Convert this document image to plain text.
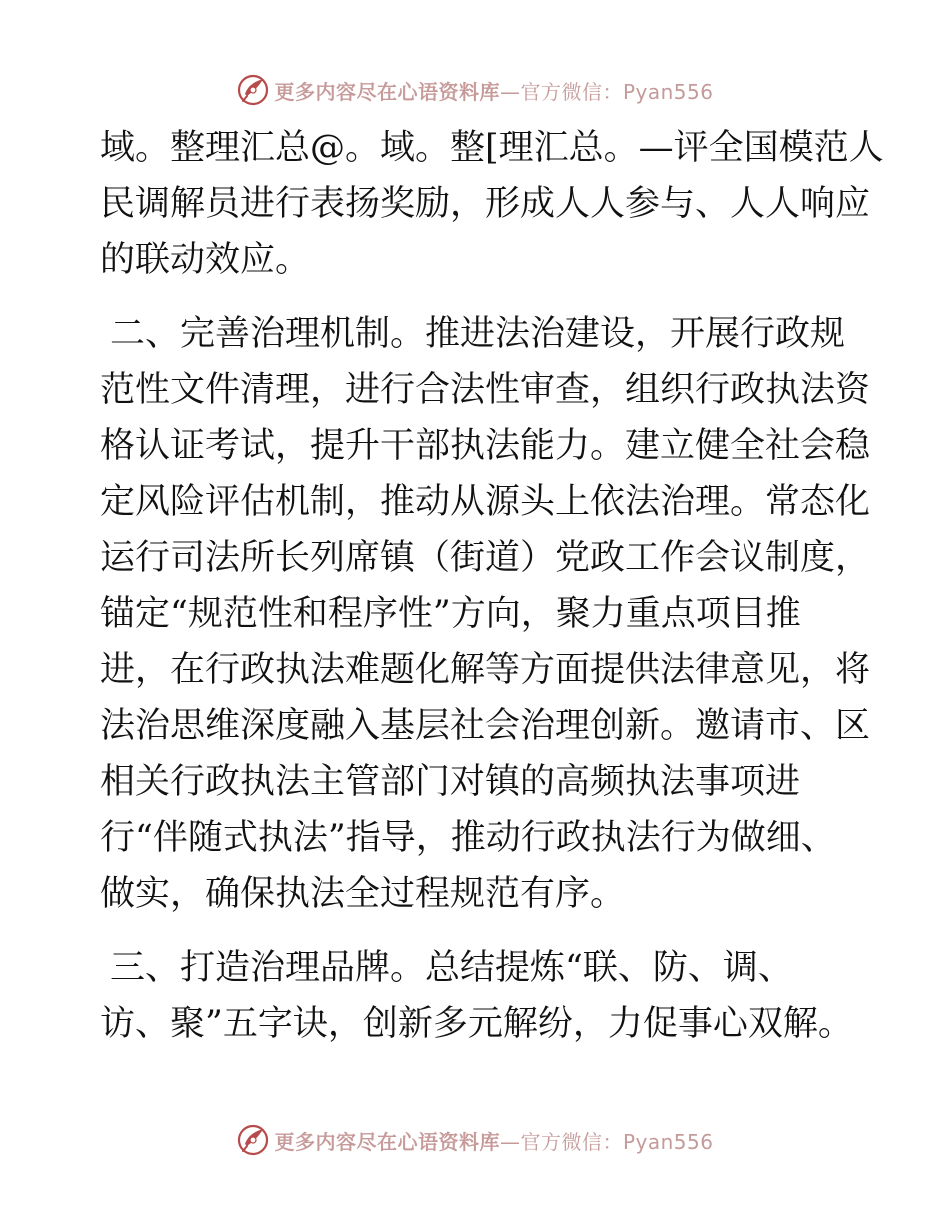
更多内容尽在心语资料库—官方微信：Pyan556
域。整理汇总@。域。整[理汇总。—评全国模范人
民调解员进行表扬奖励，形成人人参与、人人响应
的联动效应。
二、完善治理机制。推进法治建设，开展行政规
范性文件清理，进行合法性审查，组织行政执法资
格认证考试，提升干部执法能力。建立健全社会稳
定风险评估机制，推动从源头上依法治理。常态化
运行司法所长列席镇（街道）党政工作会议制度，
锚定“规范性和程序性”方向，聚力重点项目推
进，在行政执法难题化解等方面提供法律意见，将
法治思维深度融入基层社会治理创新。邀请市、区
相关行政执法主管部门对镇的高频执法事项进
行“伴随式执法”指导，推动行政执法行为做细、
做实，确保执法全过程规范有序。
三、打造治理品牌。总结提炼“联、防、调、
访、聚”五字诀，创新多元解纷，力促事心双解。
更多内容尽在心语资料库—官方微信：Pyan556
